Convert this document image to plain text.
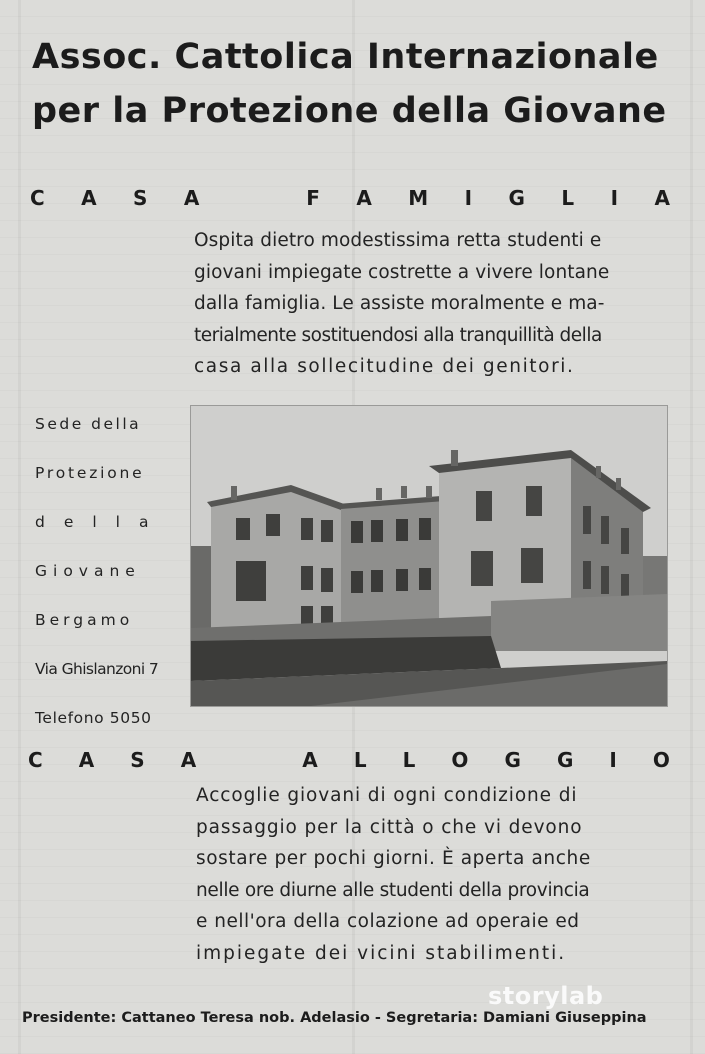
Assoc. Cattolica Internazionale
per la Protezione della Giovane
C A S A	F A M I G L I A
Ospita dietro modestissima retta studenti e
giovani impiegate costrette a vivere lontane
dalla famiglia. Le assiste moralmente e ma-
terialmente sostituendosi alla tranquillità della
casa alla sollecitudine dei genitori.
Sede della
Protezione
della
Giovane
Bergamo
Via Ghislanzoni 7
Telefono 5050
C A S A	A L L O G G I O
Accoglie giovani di ogni condizione di
passaggio per la città o che vi devono
sostare per pochi giorni. È aperta anche
nelle ore diurne alle studenti della provincia
e nell'ora della colazione ad operaie ed
impiegate dei vicini stabilimenti.
storylab
Presidente: Cattaneo Teresa nob. Adelasio - Segretaria: Damiani Giuseppina
